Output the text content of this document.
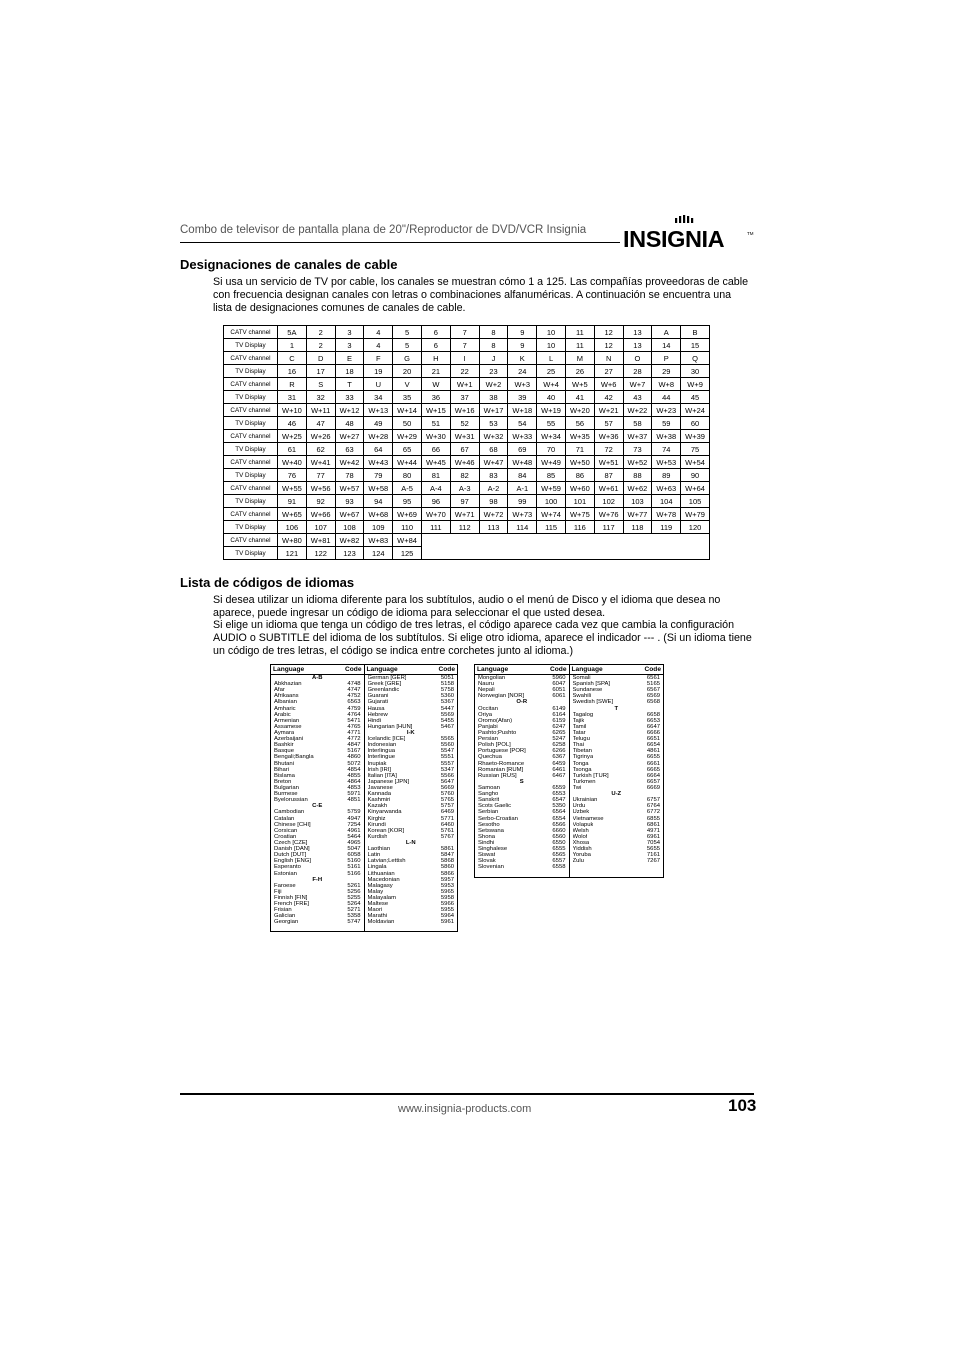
Combo de televisor de pantalla plana de 20"/Reproductor de DVD/VCR Insignia INSIGNIA	TM
Designaciones de canales de cable
Si usa un servicio de TV por cable, los canales se muestran cómo 1 a 125. Las compañías proveedoras de cable con frecuencia designan canales con letras o combinaciones alfanuméricas. A continuación se encuentra una lista de designaciones comunes de canales de cable.
CATV channel	5A	2	3	4	5	6	7	8	9	10	11	12	13	A	B
TV Display	1	2	3	4	5	6	7	8	9	10	11	12	13	14	15
CATV channel	C	D	E	F	G	H	I	J	K	L	M	N	O	P	Q
TV Display	16	17	18	19	20	21	22	23	24	25	26	27	28	29	30
CATV channel	R	S	T	U	V	W	W+1	W+2	W+3	W+4	W+5	W+6	W+7	W+8	W+9
TV Display	31	32	33	34	35	36	37	38	39	40	41	42	43	44	45
CATV channel	W+10	W+11	W+12	W+13	W+14	W+15	W+16	W+17	W+18	W+19	W+20	W+21	W+22	W+23	W+24
TV Display	46	47	48	49	50	51	52	53	54	55	56	57	58	59	60
CATV channel	W+25	W+26	W+27	W+28	W+29	W+30	W+31	W+32	W+33	W+34	W+35	W+36	W+37	W+38	W+39
TV Display	61	62	63	64	65	66	67	68	69	70	71	72	73	74	75
CATV channel	W+40	W+41	W+42	W+43	W+44	W+45	W+46	W+47	W+48	W+49	W+50	W+51	W+52	W+53	W+54
TV Display	76	77	78	79	80	81	82	83	84	85	86	87	88	89	90
CATV channel	W+55	W+56	W+57	W+58	A-5	A-4	A-3	A-2	A-1	W+59	W+60	W+61	W+62	W+63	W+64
TV Display	91	92	93	94	95	96	97	98	99	100	101	102	103	104	105
CATV channel	W+65	W+66	W+67	W+68	W+69	W+70	W+71	W+72	W+73	W+74	W+75	W+76	W+77	W+78	W+79
TV Display	106	107	108	109	110	111	112	113	114	115	116	117	118	119	120
CATV channel	W+80	W+81	W+82	W+83	W+84										
TV Display	121	122	123	124	125										
Lista de códigos de idiomas
Si desea utilizar un idioma diferente para los subtítulos, audio o el menú de Disco y el idioma que desea no aparece, puede ingresar un código de idioma para seleccionar el que usted desea.
Si elige un idioma que tenga un código de tres letras, el código aparece cada vez que cambia la configuración AUDIO o SUBTITLE del idioma de los subtítulos. Si elige otro idioma, aparece el indicador --- . (Si un idioma tiene un código de tres letras, el código se indica entre corchetes junto al idioma.)
Language	Code
A-B
Abkhazian	4748
Afar	4747
Afrikaans	4752
Albanian	6563
Amharic	4759
Arabic	4764
Armenian	5471
Assamese	4765
Aymara	4771
Azerbaijani	4772
Bashkir	4847
Basque	5167
Bengali;Bangla	4860
Bhutani	5072
Bihari	4854
Bislama	4855
Breton	4864
Bulgarian	4853
Burmese	5971
Byelorussian	4851
C-E
Cambodian	5759
Catalan	4947
Chinese [CHI]	7254
Corsican	4961
Croatian	5464
Czech [CZE]	4965
Danish [DAN]	5047
Dutch [DUT]	6058
English [ENG]	5160
Esperanto	5161
Estonian	5166
F-H
Faroese	5261
Fiji	5256
Finnish [FIN]	5255
French [FRE]	5264
Frisian	5271
Galician	5358
Georgian	5747
Language	Code
German [GER]	5051
Greek [GRE]	5158
Greenlandic	5758
Guarani	5360
Gujarati	5367
Hausa	5447
Hebrew	5569
Hindi	5455
Hungarian [HUN]	5467
I-K
Icelandic [ICE]	5565
Indonesian	5560
Interlingua	5547
Interlingue	5551
Inupiak	5557
Irish [IRI]	5347
Italian [ITA]	5566
Japanese [JPN]	5647
Javanese	5669
Kannada	5760
Kashmiri	5765
Kazakh	5757
Kinyarwanda	6469
Kirghiz	5771
Kirundi	6460
Korean [KOR]	5761
Kurdish	5767
L-N
Laothian	5861
Latin	5847
Latvian;Lettish	5868
Lingala	5860
Lithuanian	5866
Macedonian	5957
Malagasy	5953
Malay	5965
Malayalam	5958
Maltese	5966
Maori	5955
Marathi	5964
Moldavian	5961
Language	Code
Mongolian	5960
Nauru	6047
Nepali	6051
Norwegian [NOR]	6061
O-R
Occitan	6149
Oriya	6164
Oromo(Afan)	6159
Panjabi	6247
Pashto;Pushto	6265
Persian	5247
Polish [POL]	6258
Portuguese [POR]	6266
Quechua	6367
Rhaeto-Romance	6459
Romanian [RUM]	6461
Russian [RUS]	6467
S
Samoan	6559
Sangho	6553
Sanskrit	6547
Scots Gaelic	5350
Serbian	6564
Serbo-Croatian	6554
Sesotho	6566
Setswana	6660
Shona	6560
Sindhi	6550
Singhalese	6555
Siswat	6565
Slovak	6557
Slovenian	6558
Language	Code
Somali	6561
Spanish [SPA]	5165
Sundanese	6567
Swahili	6569
Swedish [SWE]	6568
T
Tagalog	6658
Tajik	6653
Tamil	6647
Tatar	6666
Telugu	6651
Thai	6654
Tibetan	4861
Tigrinya	6655
Tonga	6661
Tsonga	6665
Turkish [TUR]	6664
Turkmen	6657
Twi	6669
U-Z
Ukrainian	6757
Urdu	6764
Uzbek	6772
Vietnamese	6855
Volapuk	6861
Welsh	4971
Wolof	6961
Xhosa	7054
Yiddish	5655
Yoruba	7161
Zulu	7267
www.insignia-products.com	103
